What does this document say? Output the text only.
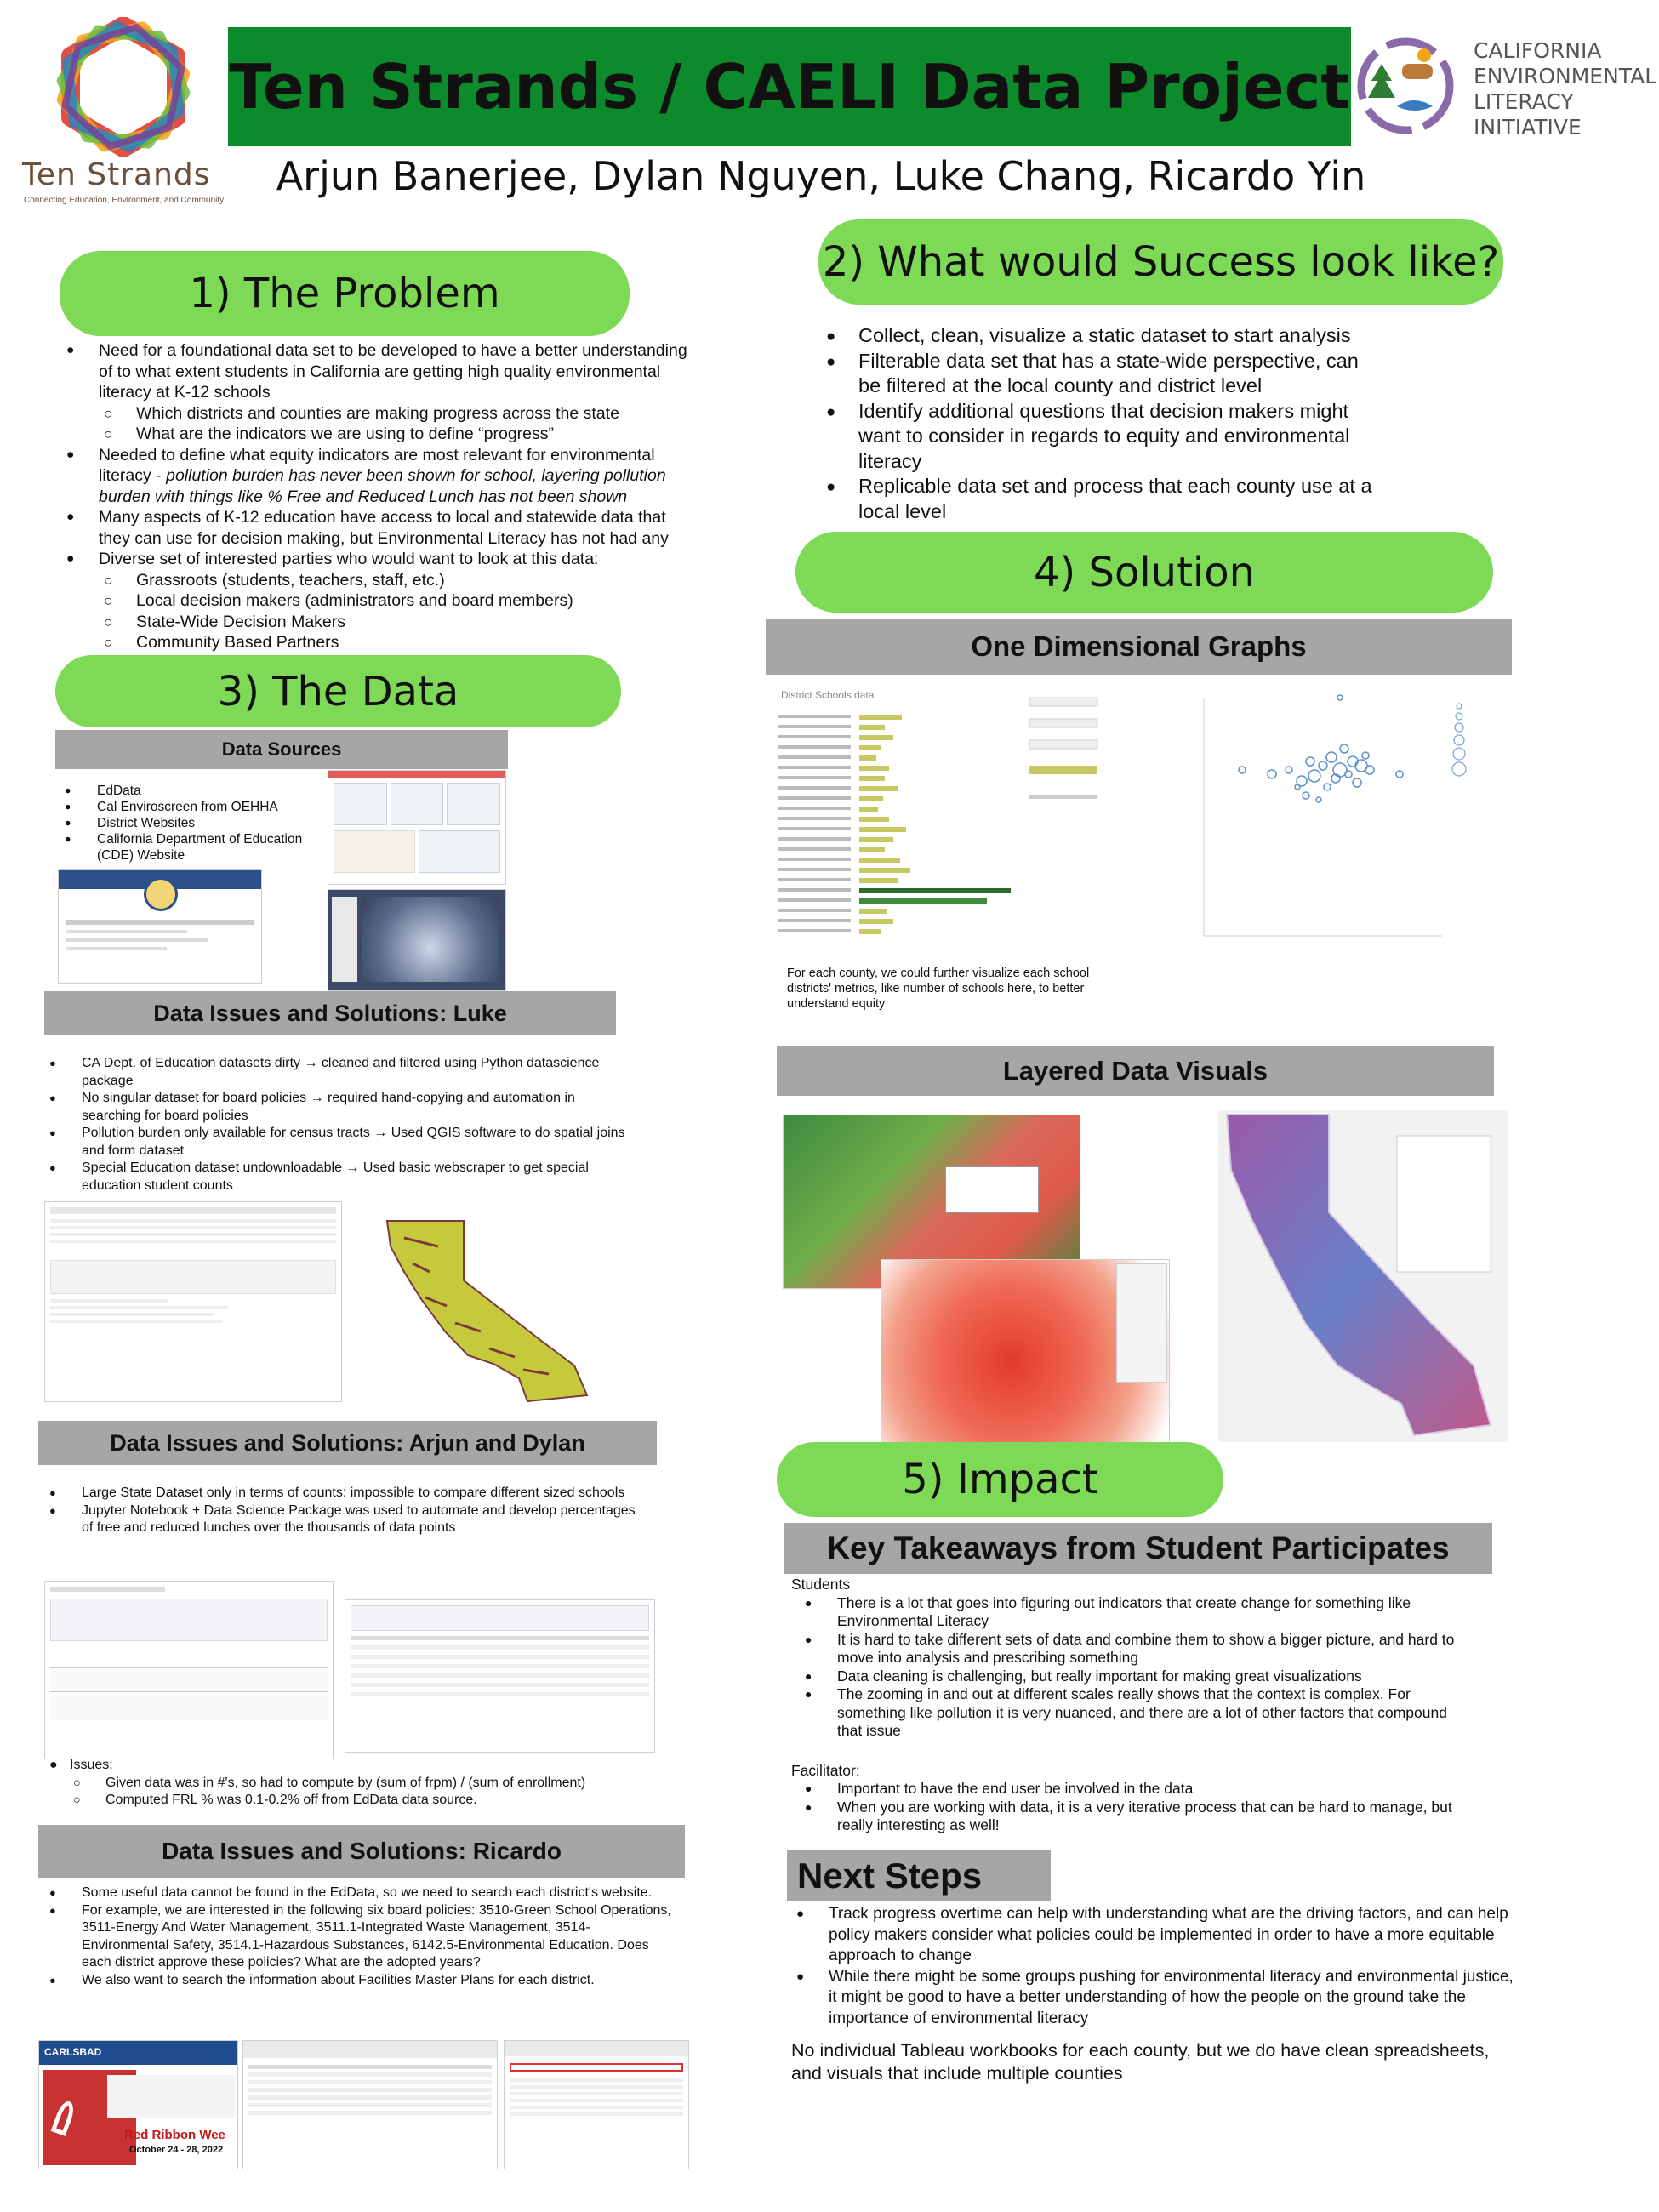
Ten Strands
Connecting Education, Environment, and Community
Ten Strands / CAELI Data Project
CALIFORNIA
ENVIRONMENTAL
LITERACY
INITIATIVE
Arjun Banerjee, Dylan Nguyen, Luke Chang, Ricardo Yin
1) The Problem
● Need for a foundational data set to be developed to have a better understanding of to what extent students in California are getting high quality environmental literacy at K-12 schools
○ Which districts and counties are making progress across the state
○ What are the indicators we are using to define “progress”
● Needed to define what equity indicators are most relevant for environmental literacy - pollution burden has never been shown for school, layering pollution burden with things like % Free and Reduced Lunch has not been shown
● Many aspects of K-12 education have access to local and statewide data that they can use for decision making, but Environmental Literacy has not had any
● Diverse set of interested parties who would want to look at this data:
○ Grassroots (students, teachers, staff, etc.)
○ Local decision makers (administrators and board members)
○ State-Wide Decision Makers
○ Community Based Partners
2) What would Success look like?
● Collect, clean, visualize a static dataset to start analysis
● Filterable data set that has a state-wide perspective, can be filtered at the local county and district level
● Identify additional questions that decision makers might want to consider in regards to equity and environmental literacy
● Replicable data set and process that each county use at a local level
3) The Data
Data Sources
● EdData
● Cal Enviroscreen from OEHHA
● District Websites
● California Department of Education (CDE) Website
Data Issues and Solutions: Luke
● CA Dept. of Education datasets dirty → cleaned and filtered using Python datascience package
● No singular dataset for board policies → required hand-copying and automation in searching for board policies
● Pollution burden only available for census tracts → Used QGIS software to do spatial joins and form dataset
● Special Education dataset undownloadable → Used basic webscraper to get special education student counts
Data Issues and Solutions: Arjun and Dylan
● Large State Dataset only in terms of counts: impossible to compare different sized schools
● Jupyter Notebook + Data Science Package was used to automate and develop percentages of free and reduced lunches over the thousands of data points
● Issues:
○ Given data was in #'s, so had to compute by (sum of frpm) / (sum of enrollment)
○ Computed FRL % was 0.1-0.2% off from EdData data source.
Data Issues and Solutions: Ricardo
● Some useful data cannot be found in the EdData, so we need to search each district's website.
● For example, we are interested in the following six board policies: 3510-Green School Operations, 3511-Energy And Water Management, 3511.1-Integrated Waste Management, 3514-Environmental Safety, 3514.1-Hazardous Substances, 6142.5-Environmental Education. Does each district approve these policies? What are the adopted years?
● We also want to search the information about Facilities Master Plans for each district.
CARLSBAD
Red Ribbon Wee
October 24 - 28, 2022
4) Solution
One Dimensional Graphs
District Schools data
For each county, we could further visualize each school districts' metrics, like number of schools here, to better understand equity
Layered Data Visuals
5) Impact
Key Takeaways from Student Participates
Students
● There is a lot that goes into figuring out indicators that create change for something like Environmental Literacy
● It is hard to take different sets of data and combine them to show a bigger picture, and hard to move into analysis and prescribing something
● Data cleaning is challenging, but really important for making great visualizations
● The zooming in and out at different scales really shows that the context is complex. For something like pollution it is very nuanced, and there are a lot of other factors that compound that issue
Facilitator:
● Important to have the end user be involved in the data
● When you are working with data, it is a very iterative process that can be hard to manage, but really interesting as well!
Next Steps
● Track progress overtime can help with understanding what are the driving factors, and can help policy makers consider what policies could be implemented in order to have a more equitable approach to change
● While there might be some groups pushing for environmental literacy and environmental justice, it might be good to have a better understanding of how the people on the ground take the importance of environmental literacy
No individual Tableau workbooks for each county, but we do have clean spreadsheets, and visuals that include multiple counties
